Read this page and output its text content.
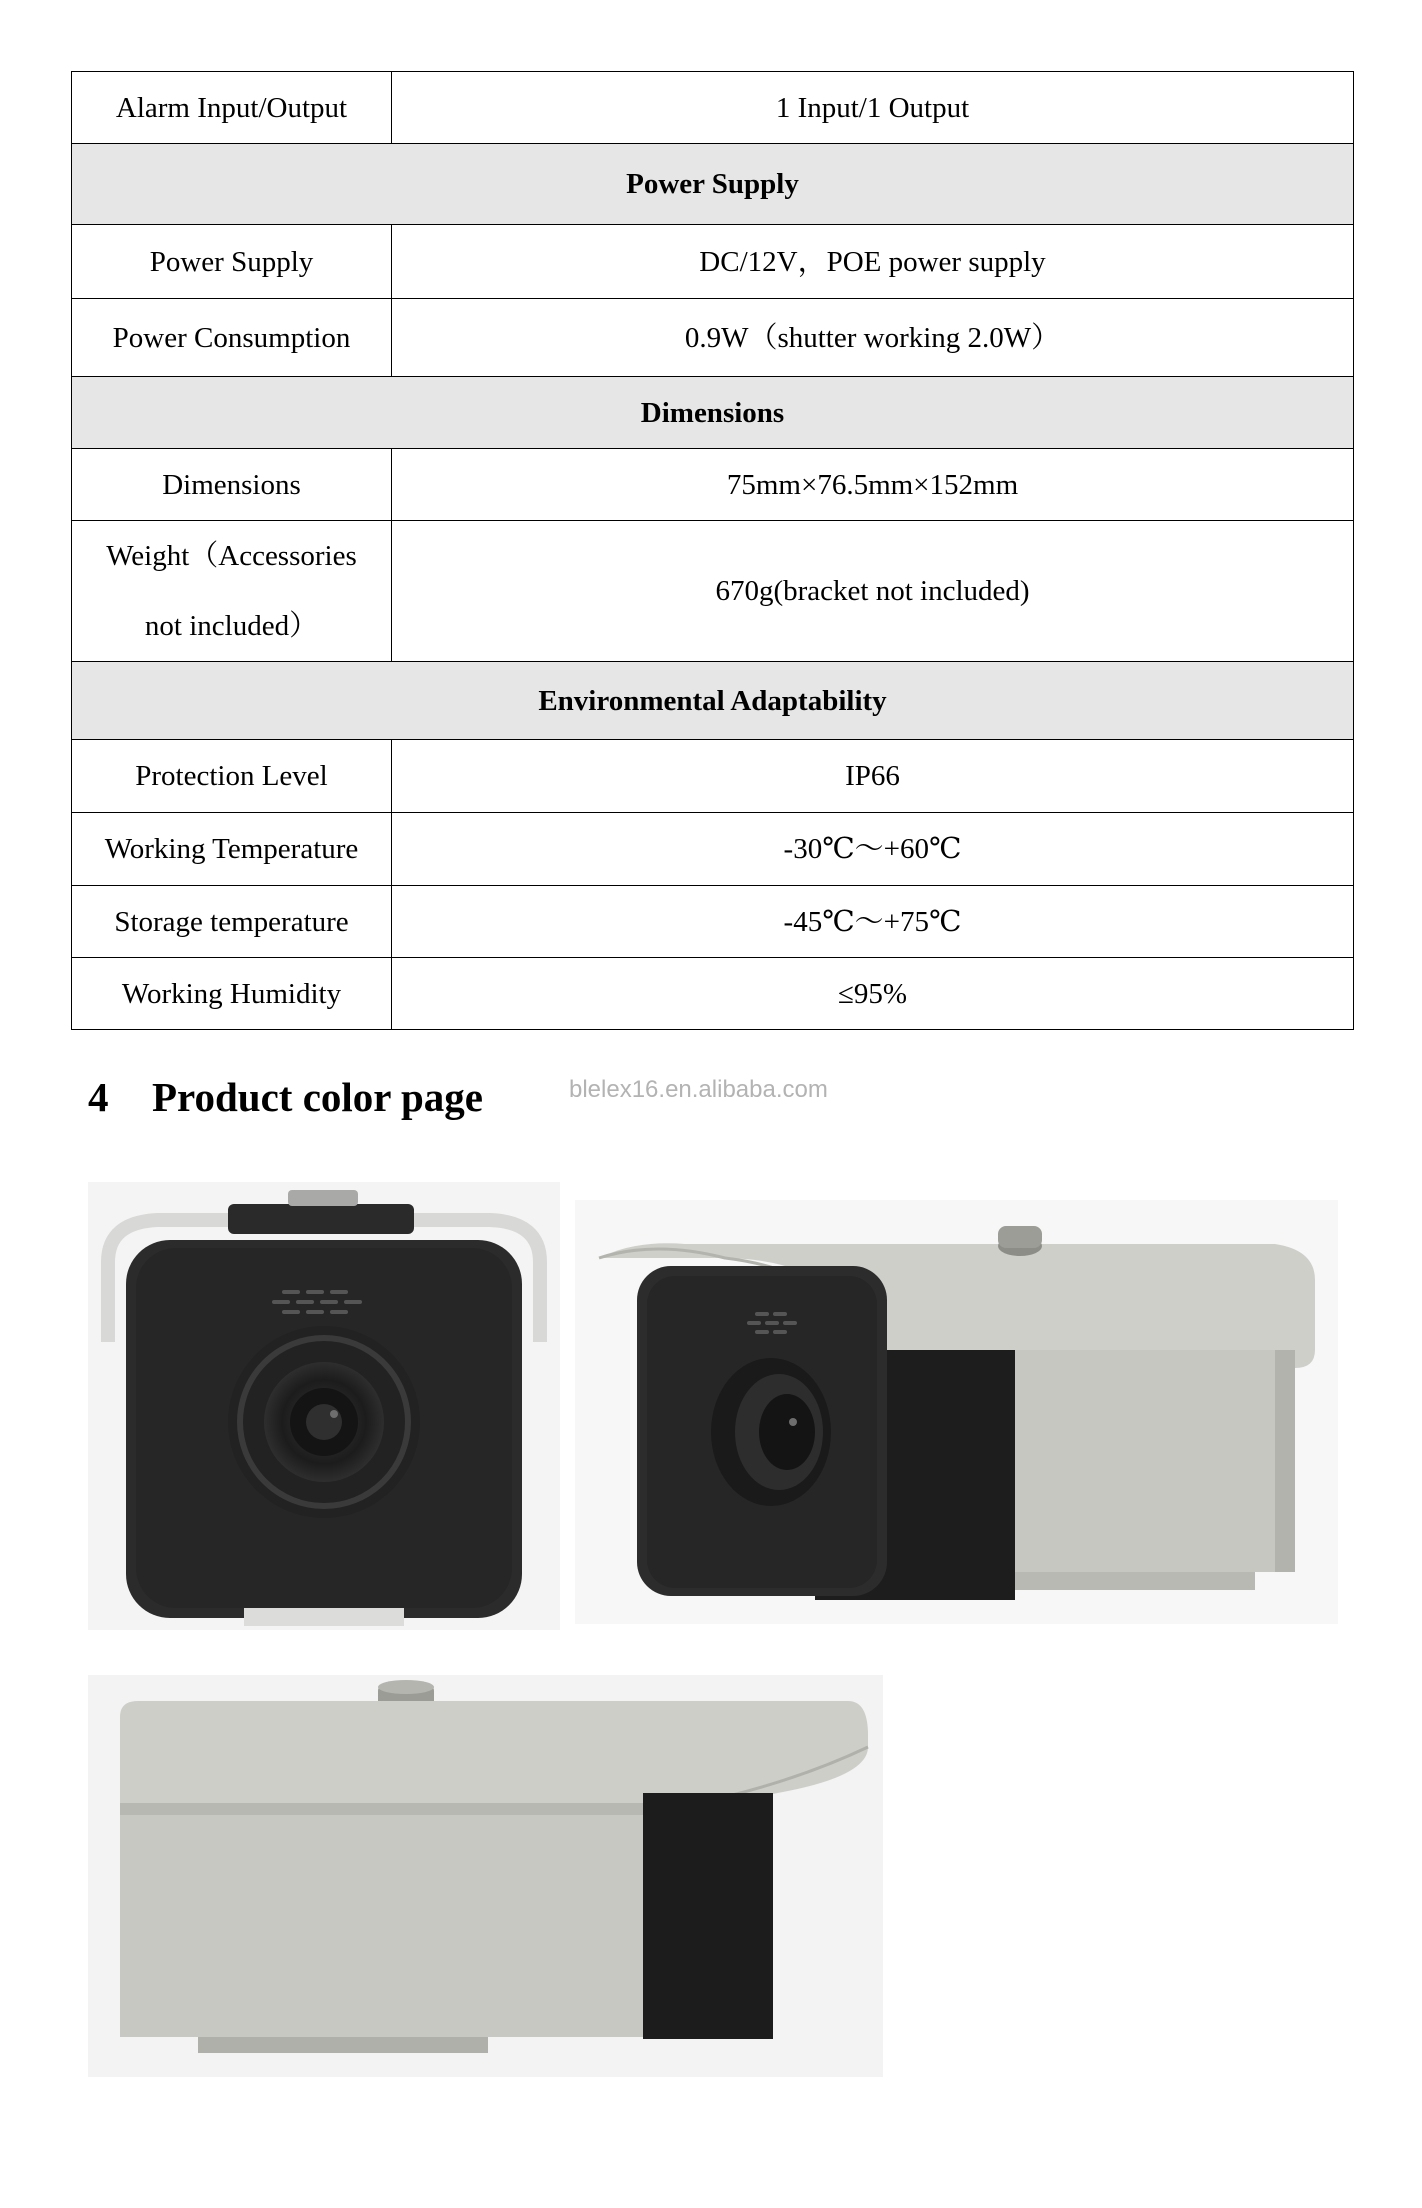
Alarm Input/Output	1 Input/1 Output
Power Supply	
Power Supply	DC/12V，POE power supply
Power Consumption	0.9W（shutter working 2.0W）
Dimensions	
Dimensions	75mm×76.5mm×152mm

Weight（Accessories
not included）	670g(bracket not included)
Environmental Adaptability	
Protection Level	IP66
Working Temperature	-30℃～+60℃
Storage temperature	-45℃～+75℃
Working Humidity	≤95%
4 Product color page	blelex16.en.alibaba.com
